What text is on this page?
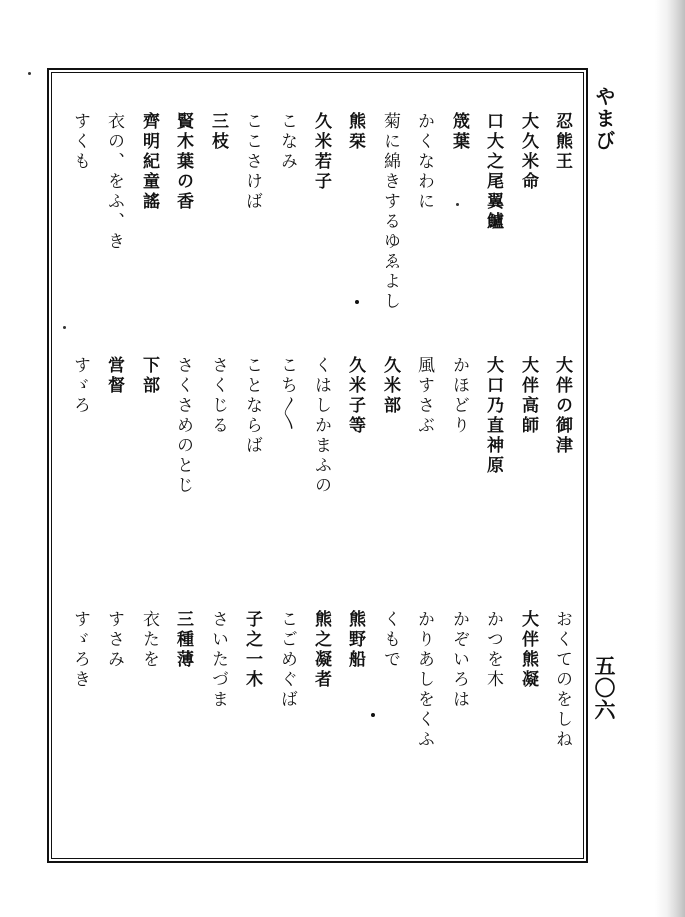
やまび
五〇六
忍熊王
大久米命
口大之尾翼鱸
筬葉
かくなわに
菊に綿きするゆゑよし
熊栞
久米若子
こなみ
ここさけば
三枝
賢木葉の香
齊明紀童謠
衣の、をふ、き
すくも
大伴の御津
大伴高師
大口乃直神原
かほどり
風すさぶ
久米部
久米子等
くはしかまふの
こち〳〵
ことならば
さくじる
さくさめのとじ
下部
営督
すゞろ
おくてのをしね
大伴熊凝
かつを木
かぞいろは
かりあしをくふ
くもで
熊野船
熊之凝者
こごめぐば
子之一木
さいたづま
三種薄
衣たを
すさみ
すゞろき
